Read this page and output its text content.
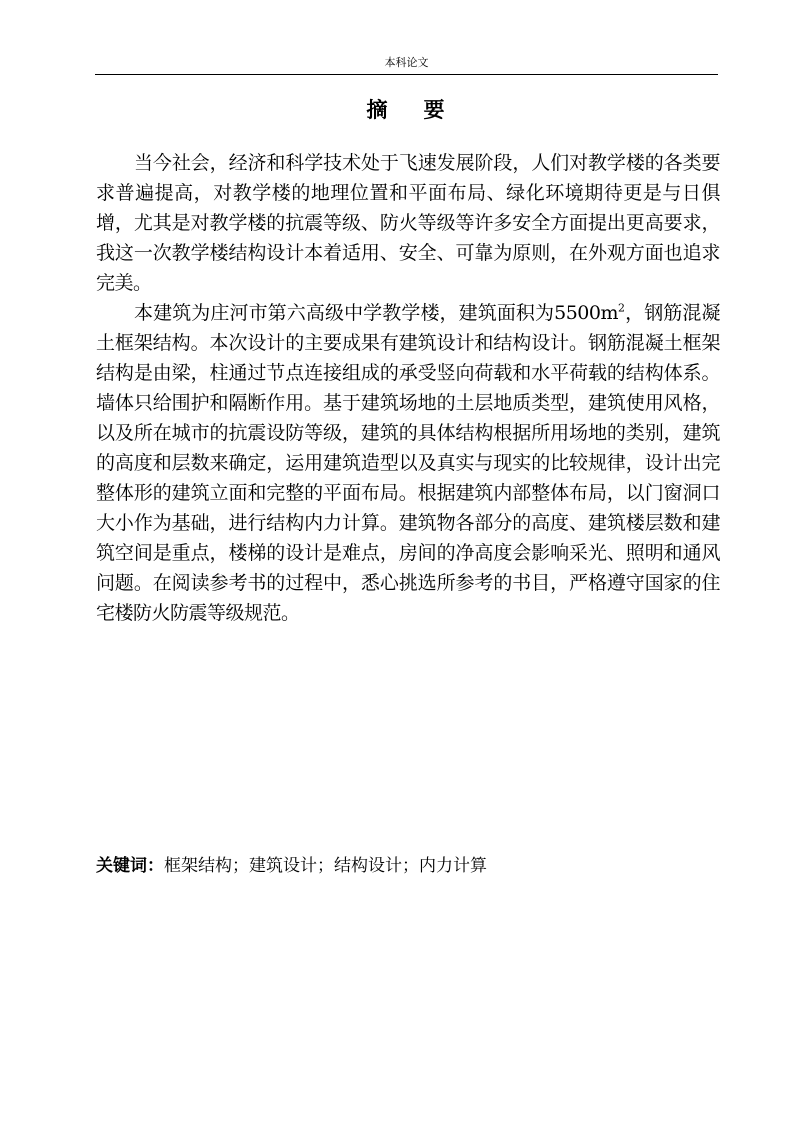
本科论文
摘 要

当今社会，经济和科学技术处于飞速发展阶段，人们对教学楼的各类要求普遍提高，对教学楼的地理位置和平面布局、绿化环境期待更是与日俱增，尤其是对教学楼的抗震等级、防火等级等许多安全方面提出更高要求，我这一次教学楼结构设计本着适用、安全、可靠为原则，在外观方面也追求完美。

本建筑为庄河市第六高级中学教学楼，建筑面积为$5500m^2$，钢筋混凝土框架结构。本次设计的主要成果有建筑设计和结构设计。钢筋混凝土框架结构是由梁，柱通过节点连接组成的承受竖向荷载和水平荷载的结构体系。墙体只给围护和隔断作用。基于建筑场地的土层地质类型，建筑使用风格，以及所在城市的抗震设防等级，建筑的具体结构根据所用场地的类别，建筑的高度和层数来确定，运用建筑造型以及真实与现实的比较规律，设计出完整体形的建筑立面和完整的平面布局。根据建筑内部整体布局，以门窗洞口大小作为基础，进行结构内力计算。建筑物各部分的高度、建筑楼层数和建筑空间是重点，楼梯的设计是难点，房间的净高度会影响采光、照明和通风问题。在阅读参考书的过程中，悉心挑选所参考的书目，严格遵守国家的住宅楼防火防震等级规范。

关键词：框架结构；建筑设计；结构设计；内力计算
